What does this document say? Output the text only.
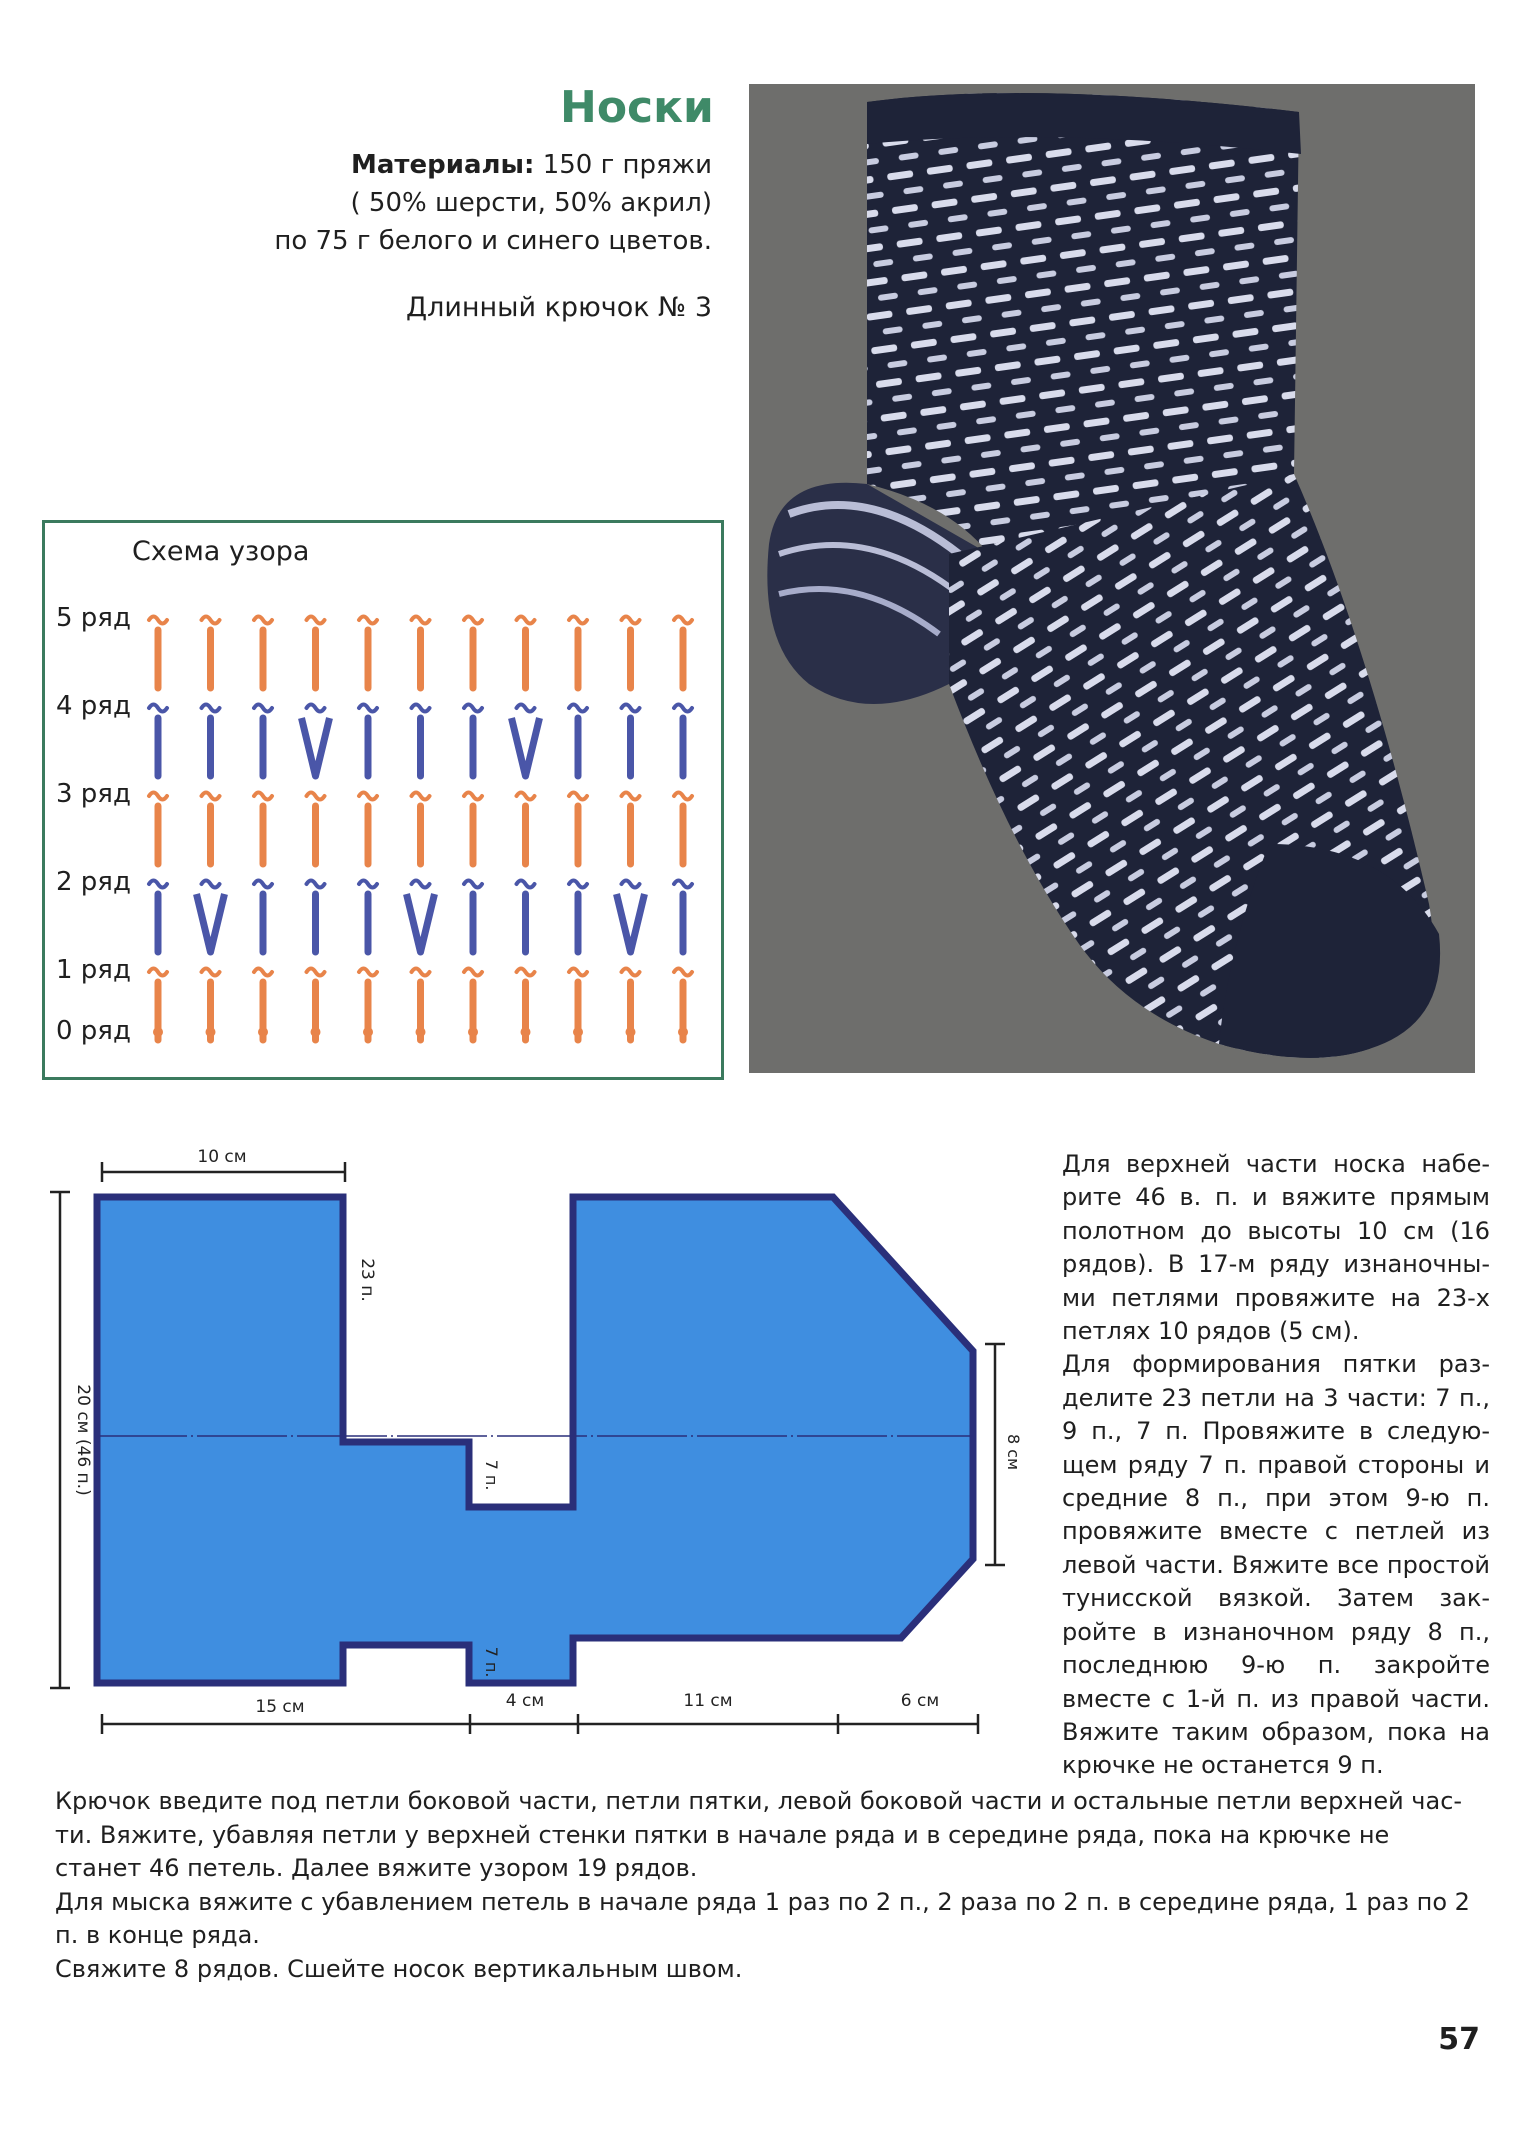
Носки
Материалы: 150 г пряжи
( 50% шерсти, 50% акрил)
по 75 г белого и синего цветов.
Длинный крючок № 3
Схема узора
5 ряд
4 ряд
3 ряд
2 ряд
1 ряд
0 ряд
10 см
20 см (46 п.)
23 п.
7 п.
7 п.
8 см
15 см	4 см	11 см	6 см

Для верхней части носка набе-рите 46 в. п. и вяжите прямым полотном до высоты 10 см (16 рядов). В 17-м ряду изнаночны-ми петлями провяжите на 23-х петлях 10 рядов (5 см).

Для формирования пятки раз-делите 23 петли на 3 части: 7 п., 9 п., 7 п. Провяжите в следую-щем ряду 7 п. правой стороны и средние 8 п., при этом 9-ю п. провяжите вместе с петлей из левой части. Вяжите все простой тунисской вязкой. Затем зак-ройте в изнаночном ряду 8 п., последнюю 9-ю п. закройте вместе с 1-й п. из правой части. Вяжите таким образом, пока на крючке не останется 9 п.

Крючок введите под петли боковой части, петли пятки, левой боковой части и остальные петли верхней час-ти. Вяжите, убавляя петли у верхней стенки пятки в начале ряда и в середине ряда, пока на крючке не станет 46 петель. Далее вяжите узором 19 рядов.

Для мыска вяжите с убавлением петель в начале ряда 1 раз по 2 п., 2 раза по 2 п. в середине ряда, 1 раз по 2 п. в конце ряда.

Свяжите 8 рядов. Сшейте носок вертикальным швом.

57
